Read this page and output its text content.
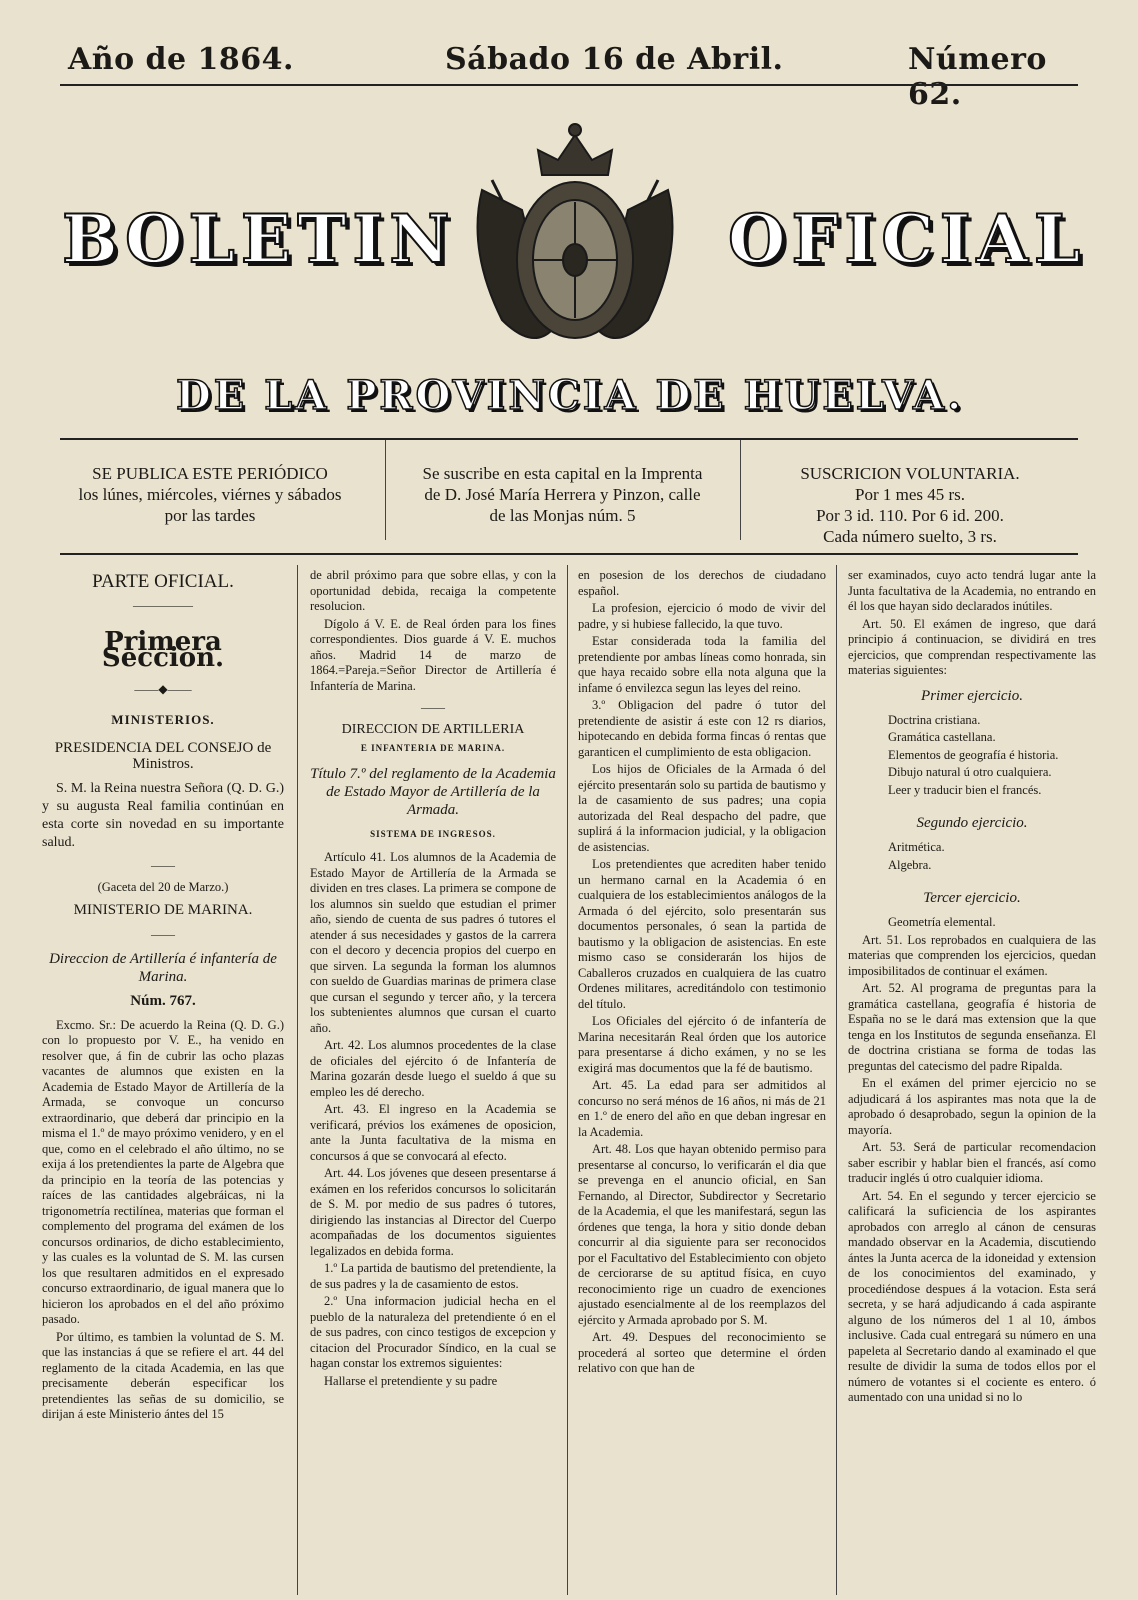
Año de 1864.	Sábado 16 de Abril.	Número 62.
BOLETIN	OFICIAL
DE LA PROVINCIA DE HUELVA.
SE PUBLICA ESTE PERIÓDICO
los lúnes, miércoles, viérnes y sábados
por las tardes
Se suscribe en esta capital en la Imprenta
de D. José María Herrera y Pinzon, calle
de las Monjas núm. 5
SUSCRICION VOLUNTARIA.
Por 1 mes 45 rs.
Por 3 id. 110. Por 6 id. 200.
Cada número suelto, 3 rs.
PARTE OFICIAL.
—————
Primera Seccion.
——◆——
MINISTERIOS.
PRESIDENCIA DEL CONSEJO de Ministros.

S. M. la Reina nuestra Señora (Q. D. G.) y su augusta Real familia continúan en esta corte sin novedad en su importante salud.

——
(Gaceta del 20 de Marzo.)
MINISTERIO DE MARINA.
——
Direccion de Artillería é infantería de Marina.
Núm. 767.

Excmo. Sr.: De acuerdo la Reina (Q. D. G.) con lo propuesto por V. E., ha venido en resolver que, á fin de cubrir las ocho plazas vacantes de alumnos que existen en la Academia de Estado Mayor de Artillería de la Armada, se convoque un concurso extraordinario, que deberá dar principio en la misma el 1.º de mayo próximo venidero, y en el que, como en el celebrado el año último, no se exija á los pretendientes la parte de Algebra que da principio en la teoría de las potencias y raíces de las cantidades algebráicas, ni la trigonometría rectilínea, materias que forman el complemento del programa del exámen de los concursos ordinarios, de dicho establecimiento, y las cuales es la voluntad de S. M. las cursen los que resultaren admitidos en el expresado concurso extraordinario, de igual manera que lo hicieron los aprobados en el del año próximo pasado.

Por último, es tambien la voluntad de S. M. que las instancias á que se refiere el art. 44 del reglamento de la citada Academia, en las que precisamente deberán especificar los pretendientes las señas de su domicilio, se dirijan á este Ministerio ántes del 15

de abril próximo para que sobre ellas, y con la oportunidad debida, recaiga la competente resolucion.

Dígolo á V. E. de Real órden para los fines correspondientes. Dios guarde á V. E. muchos años. Madrid 14 de marzo de 1864.=Pareja.=Señor Director de Artillería é Infantería de Marina.

——
DIRECCION DE ARTILLERIA
E INFANTERIA DE MARINA.
Título 7.º del reglamento de la Academia de Estado Mayor de Artillería de la Armada.
SISTEMA DE INGRESOS.

Artículo 41. Los alumnos de la Academia de Estado Mayor de Artillería de la Armada se dividen en tres clases. La primera se compone de los alumnos sin sueldo que estudian el primer año, siendo de cuenta de sus padres ó tutores el atender á sus necesidades y gastos de la carrera con el decoro y decencia propios del cuerpo en que sirven. La segunda la forman los alumnos con sueldo de Guardias marinas de primera clase que cursan el segundo y tercer año, y la tercera los subtenientes alumnos que cursan el cuarto año.

Art. 42. Los alumnos procedentes de la clase de oficiales del ejército ó de Infantería de Marina gozarán desde luego el sueldo á que su empleo les dé derecho.

Art. 43. El ingreso en la Academia se verificará, prévios los exámenes de oposicion, ante la Junta facultativa de la misma en concursos á que se convocará al efecto.

Art. 44. Los jóvenes que deseen presentarse á exámen en los referidos concursos lo solicitarán de S. M. por medio de sus padres ó tutores, dirigiendo las instancias al Director del Cuerpo acompañadas de los documentos siguientes legalizados en debida forma.

1.º La partida de bautismo del pretendiente, la de sus padres y la de casamiento de estos.

2.º Una informacion judicial hecha en el pueblo de la naturaleza del pretendiente ó en el de sus padres, con cinco testigos de excepcion y citacion del Procurador Síndico, en la cual se hagan constar los extremos siguientes:

Hallarse el pretendiente y su padre

en posesion de los derechos de ciudadano español.

La profesion, ejercicio ó modo de vivir del padre, y si hubiese fallecido, la que tuvo.

Estar considerada toda la familia del pretendiente por ambas líneas como honrada, sin que haya recaido sobre ella nota alguna que la infame ó envilezca segun las leyes del reino.

3.º Obligacion del padre ó tutor del pretendiente de asistir á este con 12 rs diarios, hipotecando en debida forma fincas ó rentas que garanticen el cumplimiento de esta obligacion.

Los hijos de Oficiales de la Armada ó del ejército presentarán solo su partida de bautismo y la de casamiento de sus padres; una copia autorizada del Real despacho del padre, que suplirá á la informacion judicial, y la obligacion de asistencias.

Los pretendientes que acrediten haber tenido un hermano carnal en la Academia ó en cualquiera de los establecimientos análogos de la Armada ó del ejército, solo presentarán sus documentos personales, ó sean la partida de bautismo y la obligacion de asistencias. En este mismo caso se considerarán los hijos de Caballeros cruzados en cualquiera de las cuatro Ordenes militares, acreditándolo con testimonio del título.

Los Oficiales del ejército ó de infantería de Marina necesitarán Real órden que los autorice para presentarse á dicho exámen, y no se les exigirá mas documentos que la fé de bautismo.

Art. 45. La edad para ser admitidos al concurso no será ménos de 16 años, ni más de 21 en 1.º de enero del año en que deban ingresar en la Academia.

Art. 48. Los que hayan obtenido permiso para presentarse al concurso, lo verificarán el dia que se prevenga en el anuncio oficial, en San Fernando, al Director, Subdirector y Secretario de la Academia, el que les manifestará, segun las órdenes que tenga, la hora y sitio donde deban concurrir al dia siguiente para ser reconocidos por el Facultativo del Establecimiento con objeto de cerciorarse de su aptitud física, en cuyo reconocimiento rige un cuadro de exenciones ajustado esencialmente al de los reemplazos del ejército y Armada aprobado por S. M.

Art. 49. Despues del reconocimiento se procederá al sorteo que determine el órden relativo con que han de

ser examinados, cuyo acto tendrá lugar ante la Junta facultativa de la Academia, no entrando en él los que hayan sido declarados inútiles.

Art. 50. El exámen de ingreso, que dará principio á continuacion, se dividirá en tres ejercicios, que comprendan respectivamente las materias siguientes:

Primer ejercicio.

Doctrina cristiana.

Gramática castellana.

Elementos de geografía é historia.

Dibujo natural ú otro cualquiera.

Leer y traducir bien el francés.

Segundo ejercicio.

Aritmética.

Algebra.

Tercer ejercicio.

Geometría elemental.

Art. 51. Los reprobados en cualquiera de las materias que comprenden los ejercicios, quedan imposibilitados de continuar el exámen.

Art. 52. Al programa de preguntas para la gramática castellana, geografía é historia de España no se le dará mas extension que la que tenga en los Institutos de segunda enseñanza. El de doctrina cristiana se forma de todas las preguntas del catecismo del padre Ripalda.

En el exámen del primer ejercicio no se adjudicará á los aspirantes mas nota que la de aprobado ó desaprobado, segun la opinion de la mayoría.

Art. 53. Será de particular recomendacion saber escribir y hablar bien el francés, así como traducir inglés ú otro cualquier idioma.

Art. 54. En el segundo y tercer ejercicio se calificará la suficiencia de los aspirantes aprobados con arreglo al cánon de censuras mandado observar en la Academia, discutiendo ántes la Junta acerca de la idoneidad y extension de los conocimientos del examinado, y procediéndose despues á la votacion. Esta será secreta, y se hará adjudicando á cada aspirante alguno de los números del 1 al 10, ámbos inclusive. Cada cual entregará su número en una papeleta al Secretario dando al examinado el que resulte de dividir la suma de todos ellos por el número de votantes si el cociente es entero. ó aumentado con una unidad si no lo
